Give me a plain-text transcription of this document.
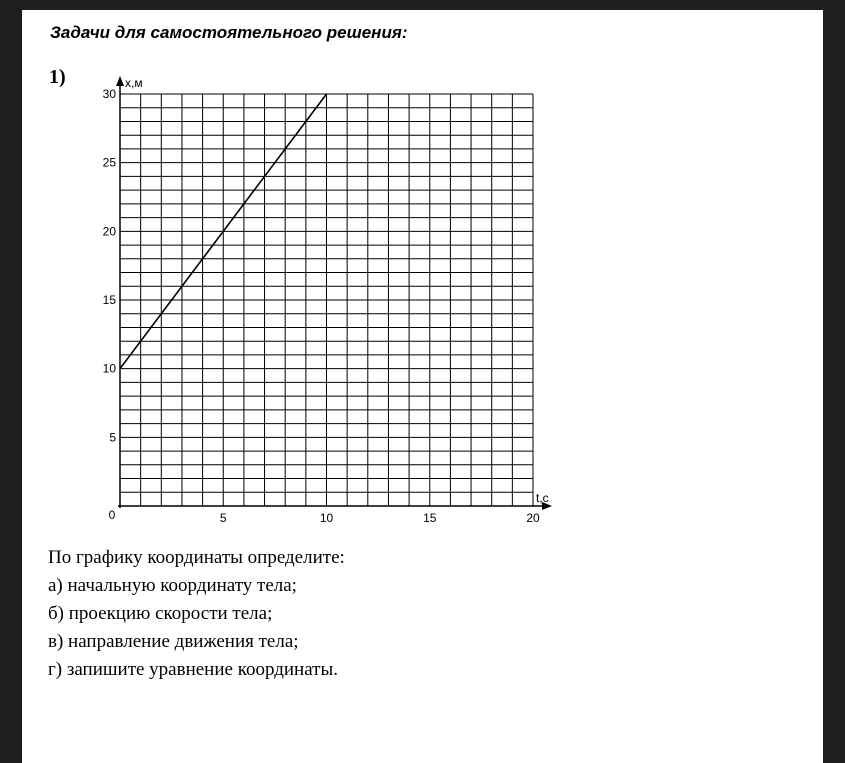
Задачи для самостоятельного решения:
1)	x,м
t,c
0	5	10	15	20
5
10
15
20
25
30
По графику координаты определите:
а) начальную координату тела;
б) проекцию скорости тела;
в) направление движения тела;
г) запишите уравнение координаты.
